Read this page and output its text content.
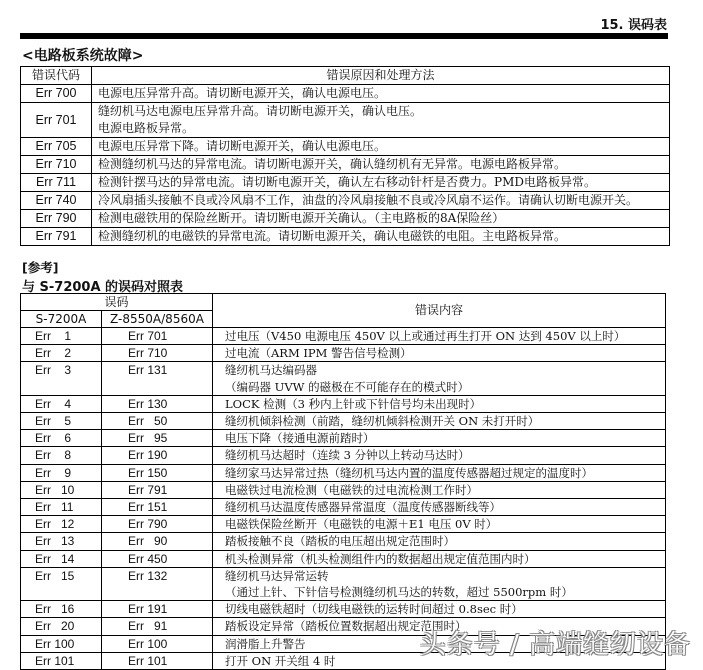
15. 误码表
<电路板系统故障>
错误代码	错误原因和处理方法
Err 700	电源电压异常升高。请切断电源开关，确认电源电压。

Err 701	缝纫机马达电源电压异常升高。请切断电源开关，确认电压。
电源电路板异常。

Err 705	电源电压异常下降。请切断电源开关，确认电源电压。

Err 710	检测缝纫机马达的异常电流。请切断电源开关，确认缝纫机有无异常。电源电路板异常。

Err 711	检测针摆马达的异常电流。请切断电源开关，确认左右移动针杆是否费力。PMD电路板异常。

Err 740	冷风扇插头接触不良或冷风扇不工作，油盘的冷风扇接触不良或冷风扇不运作。请确认切断电源开关。

Err 790	检测电磁铁用的保险丝断开。请切断电源开关确认。（主电路板的8A保险丝）

Err 791	检测缝纫机的电磁铁的异常电流。请切断电源开关，确认电磁铁的电阻。主电路板异常。
[参考]
与 S-7200A 的误码对照表
误码		错误内容
S-7200A	Z-8550A/8560A	
Err    1	Err 701	过电压（V450 电源电压 450V 以上或通过再生打开 ON 达到 450V 以上时）

Err    2	Err 710	过电流（ARM IPM 警告信号检测）

Err    3	Err 131	缝纫机马达编码器
（编码器 UVW 的磁极在不可能存在的模式时）

Err    4	Err 130	LOCK 检测（3 秒内上针或下针信号均未出现时）

Err    5	Err   50	缝纫机倾斜检测（前踏，缝纫机倾斜检测开关 ON 未打开时）

Err    6	Err   95	电压下降（接通电源前踏时）

Err    8	Err 190	缝纫机马达超时（连续 3 分钟以上转动马达时）

Err    9	Err 150	缝纫家马达异常过热（缝纫机马达内置的温度传感器超过规定的温度时）

Err   10	Err 791	电磁铁过电流检测（电磁铁的过电流检测工作时）

Err   11	Err 151	缝纫机马达温度传感器异常温度（温度传感器断线等）

Err   12	Err 790	电磁铁保险丝断开（电磁铁的电源＋E1 电压 0V 时）

Err   13	Err   90	踏板接触不良（踏板的电压超出规定范围时）

Err   14	Err 450	机头检测异常（机头检测组件内的数据超出规定值范围内时）

Err   15	Err 132	缝纫机马达异常运转
（通过上针、下针信号检测缝纫机马达的转数，超过 5500rpm 时）

Err   16	Err 191	切线电磁铁超时（切线电磁铁的运转时间超过 0.8sec 时）

Err   20	Err   91	踏板设定异常（踏板位置数据超出规定范围时）

Err 100	Err 100	润滑脂上升警告

Err 101	Err 101	打开 ON 开关组 4 时
头条号 / 高端缝纫设备
